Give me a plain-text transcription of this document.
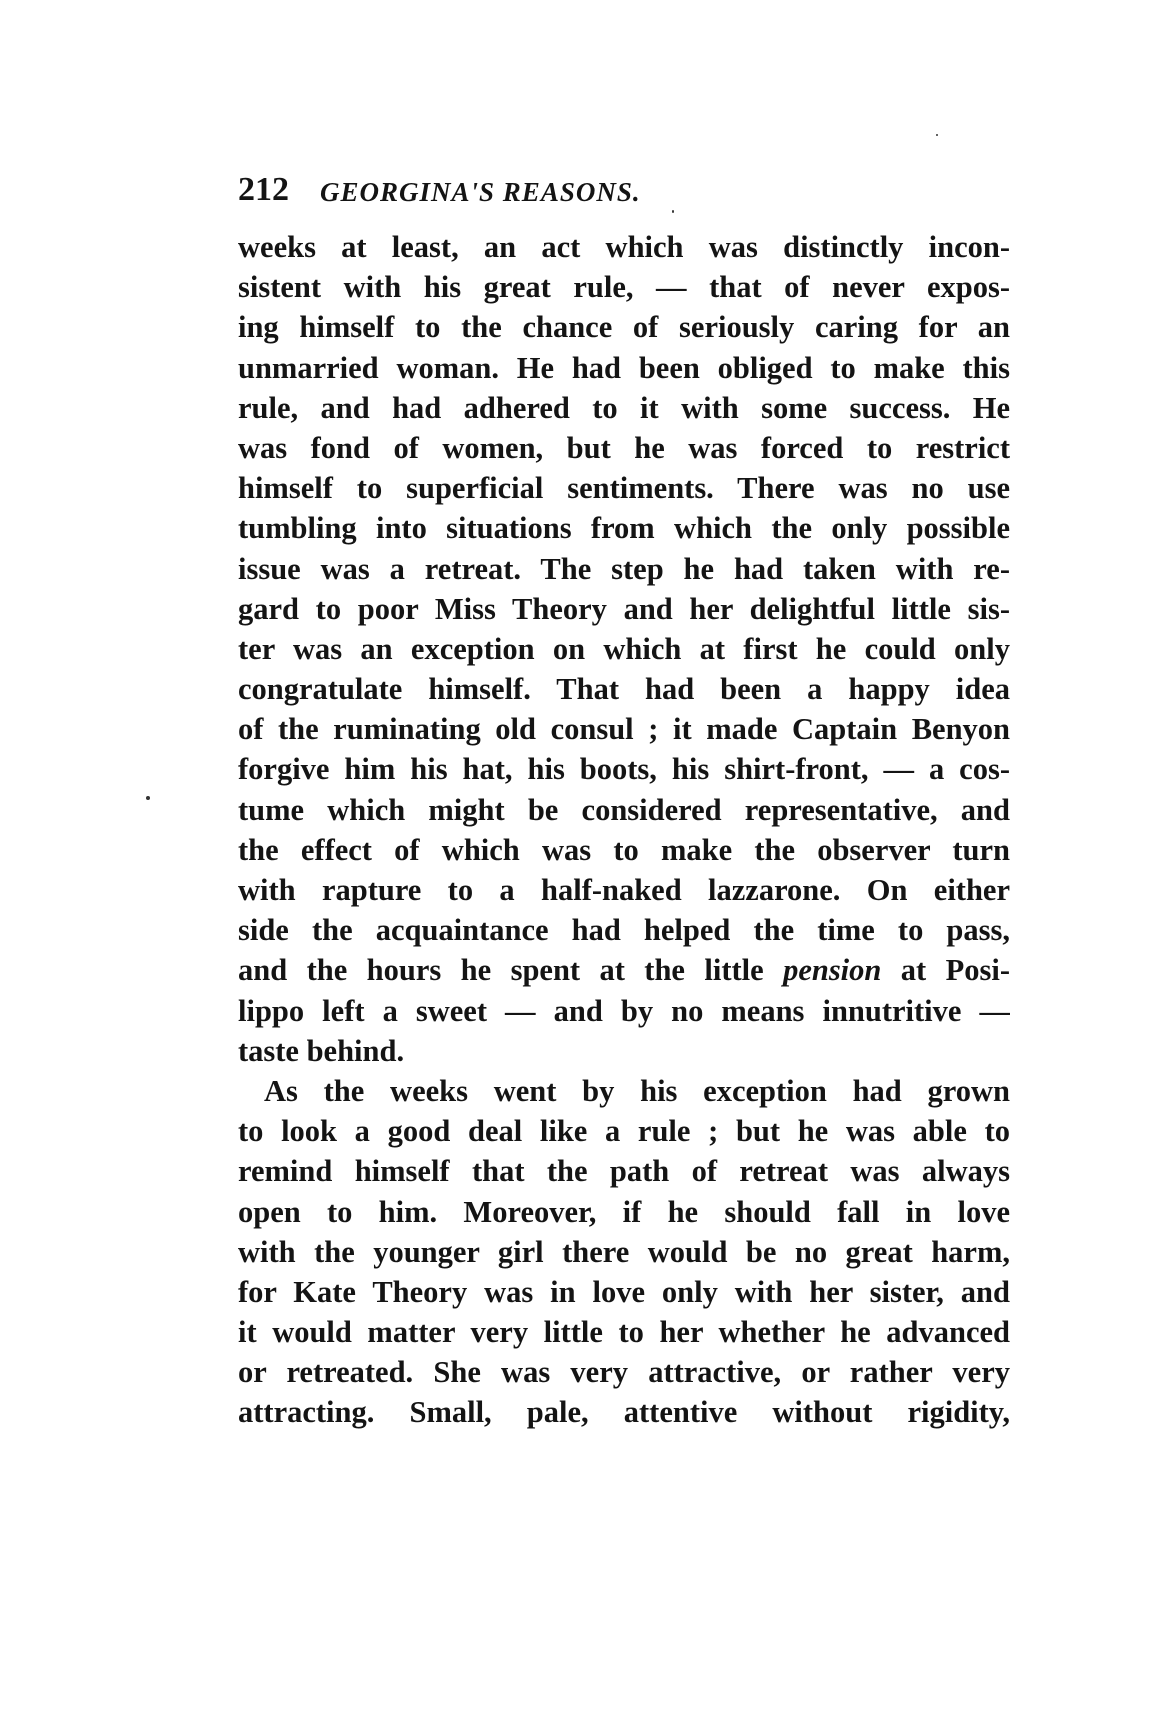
212 GEORGINA'S REASONS.
weeks at least, an act which was distinctly incon-
sistent with his great rule, — that of never expos-
ing himself to the chance of seriously caring for an
unmarried woman. He had been obliged to make this
rule, and had adhered to it with some success. He
was fond of women, but he was forced to restrict
himself to superficial sentiments. There was no use
tumbling into situations from which the only possible
issue was a retreat. The step he had taken with re-
gard to poor Miss Theory and her delightful little sis-
ter was an exception on which at first he could only
congratulate himself. That had been a happy idea
of the ruminating old consul ; it made Captain Benyon
forgive him his hat, his boots, his shirt-front, — a cos-
tume which might be considered representative, and
the effect of which was to make the observer turn
with rapture to a half-naked lazzarone. On either
side the acquaintance had helped the time to pass,
and the hours he spent at the little pension at Posi-
lippo left a sweet — and by no means innutritive —
taste behind.
As the weeks went by his exception had grown
to look a good deal like a rule ; but he was able to
remind himself that the path of retreat was always
open to him. Moreover, if he should fall in love
with the younger girl there would be no great harm,
for Kate Theory was in love only with her sister, and
it would matter very little to her whether he advanced
or retreated. She was very attractive, or rather very
attracting. Small, pale, attentive without rigidity,
